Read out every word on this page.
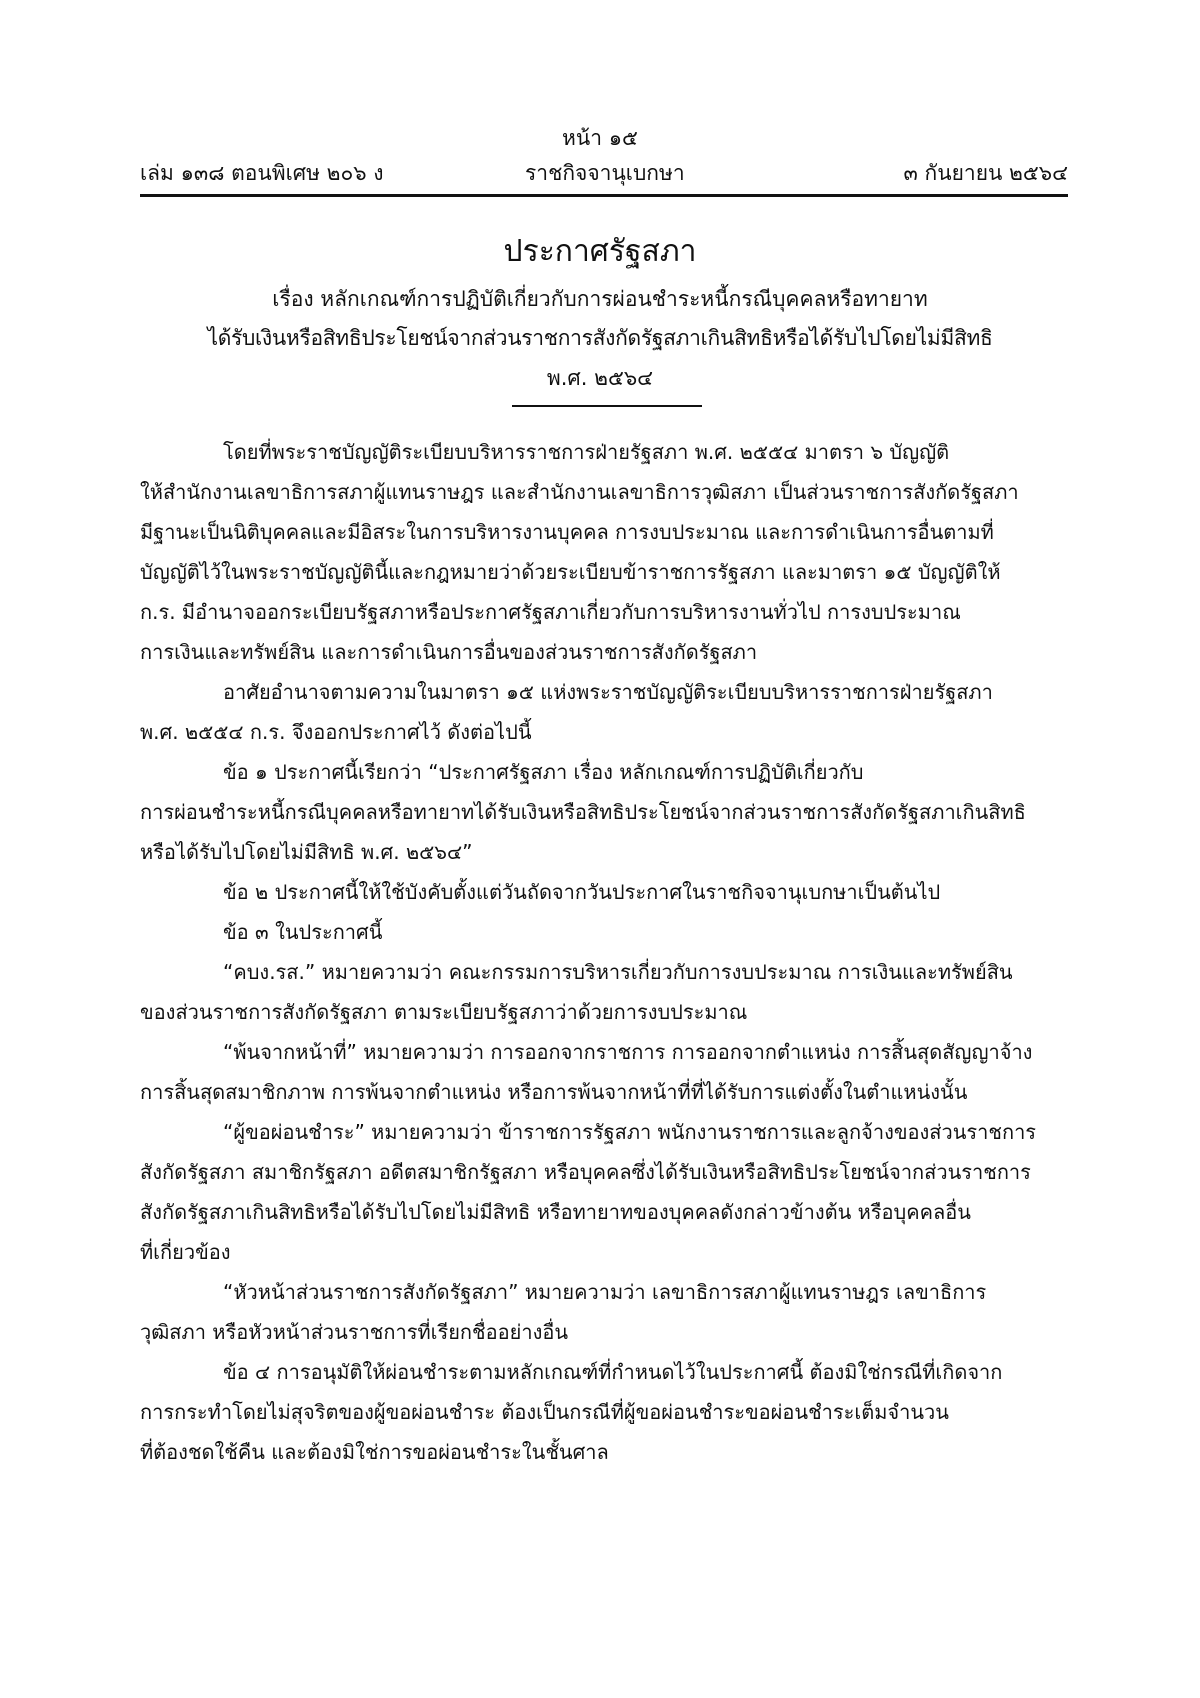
หน้า ๑๕
เล่ม ๑๓๘ ตอนพิเศษ ๒๐๖ ง	ราชกิจจานุเบกษา	๓ กันยายน ๒๕๖๔
ประกาศรัฐสภา
เรื่อง หลักเกณฑ์การปฏิบัติเกี่ยวกับการผ่อนชำระหนี้กรณีบุคคลหรือทายาท
ได้รับเงินหรือสิทธิประโยชน์จากส่วนราชการสังกัดรัฐสภาเกินสิทธิหรือได้รับไปโดยไม่มีสิทธิ
พ.ศ. ๒๕๖๔
โดยที่พระราชบัญญัติระเบียบบริหารราชการฝ่ายรัฐสภา พ.ศ. ๒๕๕๔ มาตรา ๖ บัญญัติ
ให้สำนักงานเลขาธิการสภาผู้แทนราษฎร และสำนักงานเลขาธิการวุฒิสภา เป็นส่วนราชการสังกัดรัฐสภา
มีฐานะเป็นนิติบุคคลและมีอิสระในการบริหารงานบุคคล การงบประมาณ และการดำเนินการอื่นตามที่
บัญญัติไว้ในพระราชบัญญัตินี้และกฎหมายว่าด้วยระเบียบข้าราชการรัฐสภา และมาตรา ๑๕ บัญญัติให้
ก.ร. มีอำนาจออกระเบียบรัฐสภาหรือประกาศรัฐสภาเกี่ยวกับการบริหารงานทั่วไป การงบประมาณ
การเงินและทรัพย์สิน และการดำเนินการอื่นของส่วนราชการสังกัดรัฐสภา
อาศัยอำนาจตามความในมาตรา ๑๕ แห่งพระราชบัญญัติระเบียบบริหารราชการฝ่ายรัฐสภา
พ.ศ. ๒๕๕๔ ก.ร. จึงออกประกาศไว้ ดังต่อไปนี้
ข้อ ๑ ประกาศนี้เรียกว่า “ประกาศรัฐสภา เรื่อง หลักเกณฑ์การปฏิบัติเกี่ยวกับ
การผ่อนชำระหนี้กรณีบุคคลหรือทายาทได้รับเงินหรือสิทธิประโยชน์จากส่วนราชการสังกัดรัฐสภาเกินสิทธิ
หรือได้รับไปโดยไม่มีสิทธิ พ.ศ. ๒๕๖๔”
ข้อ ๒ ประกาศนี้ให้ใช้บังคับตั้งแต่วันถัดจากวันประกาศในราชกิจจานุเบกษาเป็นต้นไป
ข้อ ๓ ในประกาศนี้
“คบง.รส.” หมายความว่า คณะกรรมการบริหารเกี่ยวกับการงบประมาณ การเงินและทรัพย์สิน
ของส่วนราชการสังกัดรัฐสภา ตามระเบียบรัฐสภาว่าด้วยการงบประมาณ
“พ้นจากหน้าที่” หมายความว่า การออกจากราชการ การออกจากตำแหน่ง การสิ้นสุดสัญญาจ้าง
การสิ้นสุดสมาชิกภาพ การพ้นจากตำแหน่ง หรือการพ้นจากหน้าที่ที่ได้รับการแต่งตั้งในตำแหน่งนั้น
“ผู้ขอผ่อนชำระ” หมายความว่า ข้าราชการรัฐสภา พนักงานราชการและลูกจ้างของส่วนราชการ
สังกัดรัฐสภา สมาชิกรัฐสภา อดีตสมาชิกรัฐสภา หรือบุคคลซึ่งได้รับเงินหรือสิทธิประโยชน์จากส่วนราชการ
สังกัดรัฐสภาเกินสิทธิหรือได้รับไปโดยไม่มีสิทธิ หรือทายาทของบุคคลดังกล่าวข้างต้น หรือบุคคลอื่น
ที่เกี่ยวข้อง
“หัวหน้าส่วนราชการสังกัดรัฐสภา” หมายความว่า เลขาธิการสภาผู้แทนราษฎร เลขาธิการ
วุฒิสภา หรือหัวหน้าส่วนราชการที่เรียกชื่ออย่างอื่น
ข้อ ๔ การอนุมัติให้ผ่อนชำระตามหลักเกณฑ์ที่กำหนดไว้ในประกาศนี้ ต้องมิใช่กรณีที่เกิดจาก
การกระทำโดยไม่สุจริตของผู้ขอผ่อนชำระ ต้องเป็นกรณีที่ผู้ขอผ่อนชำระขอผ่อนชำระเต็มจำนวน
ที่ต้องชดใช้คืน และต้องมิใช่การขอผ่อนชำระในชั้นศาล
